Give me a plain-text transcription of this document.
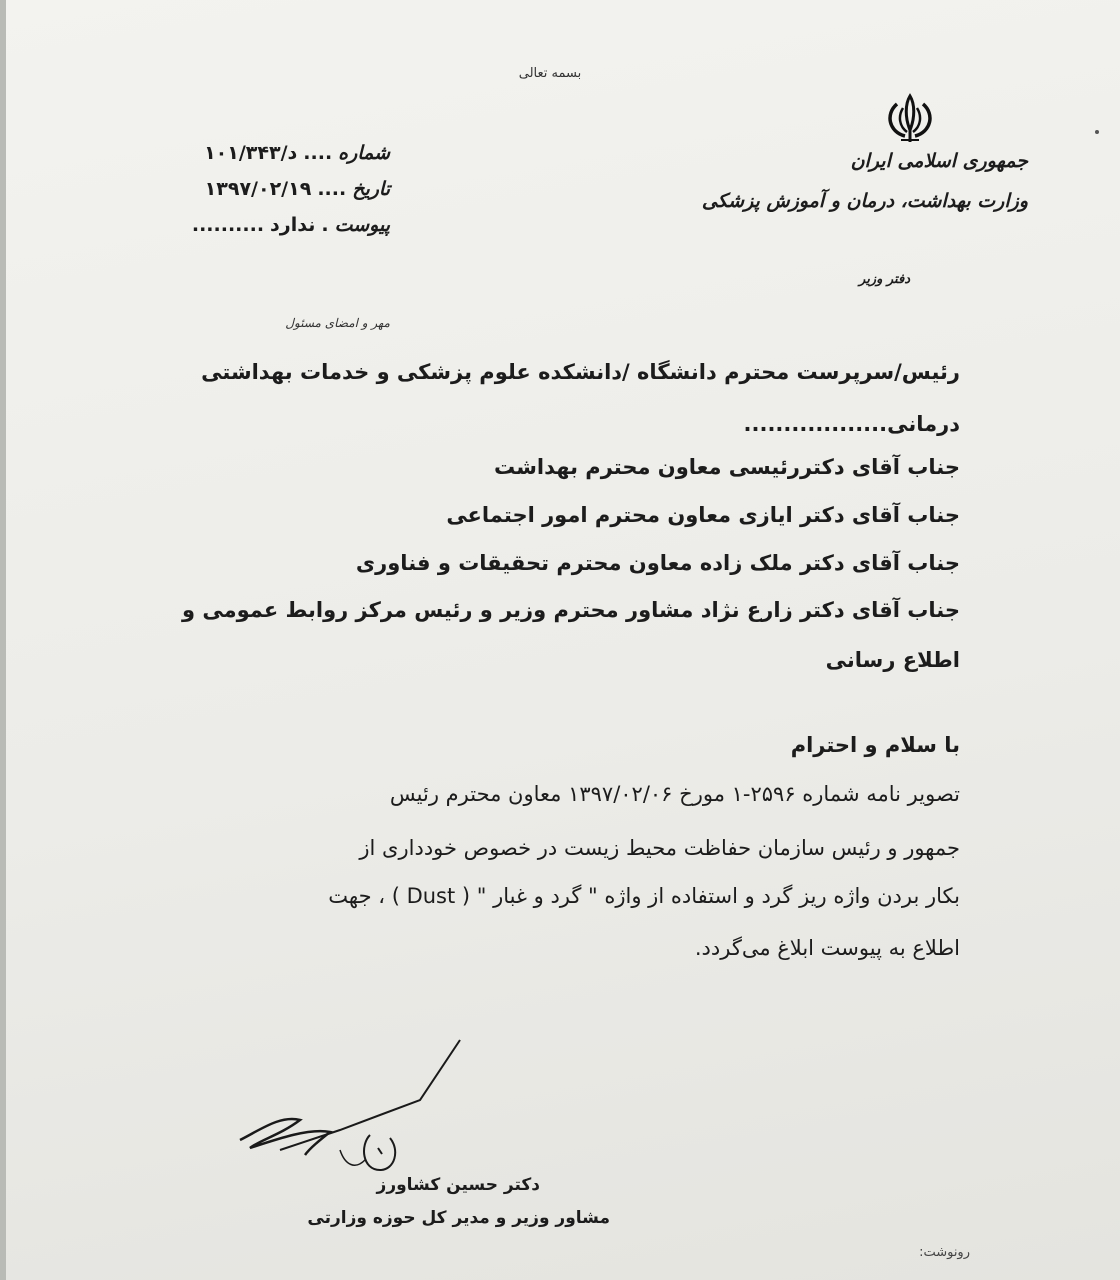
بسمه تعالی
جمهوری اسلامی ایران
وزارت بهداشت، درمان و آموزش پزشکی
دفتر وزیر
شماره
....
د/۱۰۱/۳۴۳
تاریخ
....
۱۳۹۷/۰۲/۱۹
پیوست
.
ندارد
..........
مهر و امضای مسئول
رئیس/سرپرست محترم دانشگاه /دانشکده علوم پزشکی و خدمات بهداشتی
درمانی..................
جناب آقای دکتررئیسی معاون محترم بهداشت
جناب آقای دکتر ایازی معاون محترم امور اجتماعی
جناب آقای دکتر ملک زاده معاون محترم تحقیقات و فناوری
جناب آقای دکتر زارع نژاد مشاور محترم وزیر و رئیس مرکز روابط عمومی و
اطلاع رسانی
با سلام و احترام
تصویر نامه شماره ۲۵۹۶-۱ مورخ ۱۳۹۷/۰۲/۰۶ معاون محترم رئیس
جمهور و رئیس سازمان حفاظت محیط زیست در خصوص خودداری از
بکار بردن واژه ریز گرد و استفاده از واژه " گرد و غبار " ( Dust ) ، جهت
اطلاع به پیوست ابلاغ می‌گردد.
دکتر حسین کشاورز
مشاور وزیر و مدیر کل حوزه وزارتی
رونوشت:
